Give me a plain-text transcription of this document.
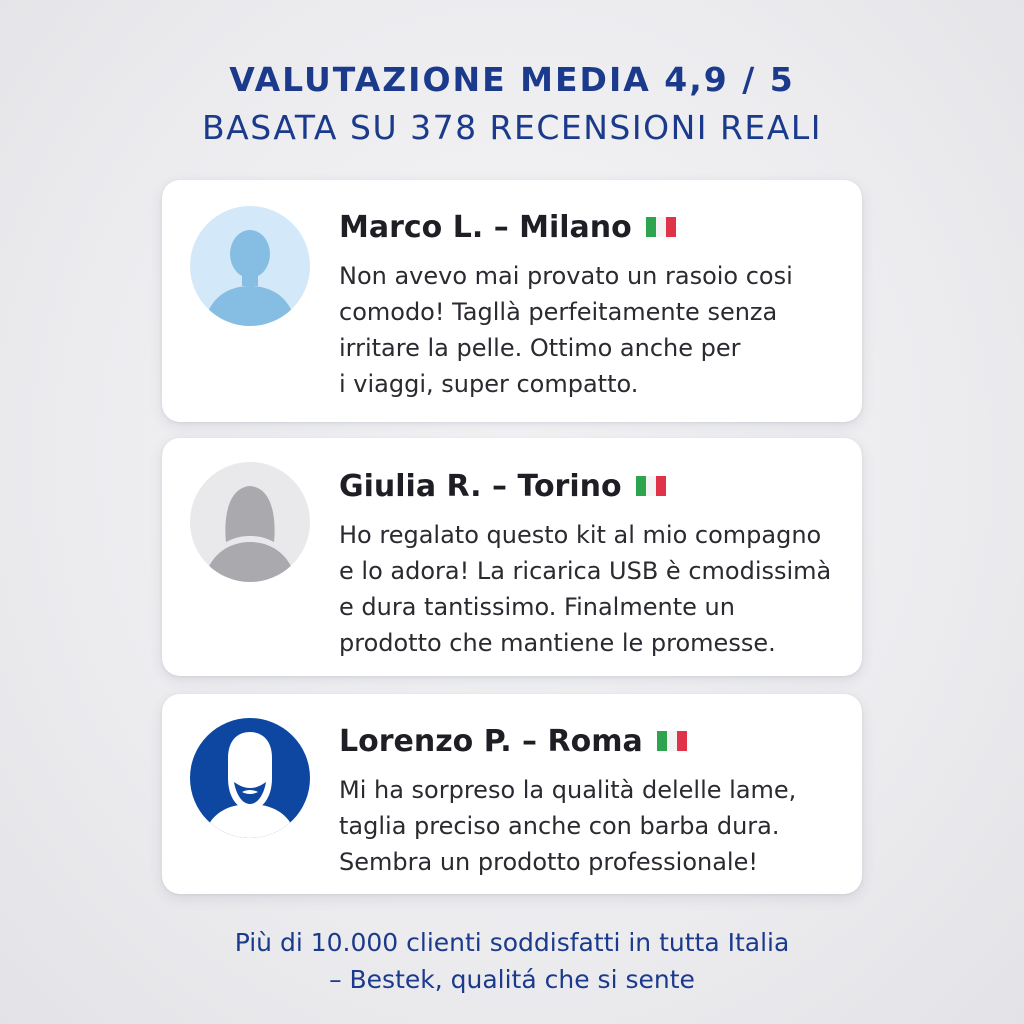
VALUTAZIONE MEDIA 4,9 / 5
BASATA SU 378 RECENSIONI REALI
Marco L. – Milano
Non avevo mai provato un rasoio cosi
comodo! Tagllà perfeitamente senza
irritare la pelle. Ottimo anche per
i viaggi, super compatto.
Giulia R. – Torino
Ho regalato questo kit al mio compagno
e lo adora! La ricarica USB è cmodissimà
e dura tantissimo. Finalmente un
prodotto che mantiene le promesse.
Lorenzo P. – Roma
Mi ha sorpreso la qualità delelle lame,
taglia preciso anche con barba dura.
Sembra un prodotto professionale!
Più di 10.000 clienti soddisfatti in tutta Italia
– Bestek, qualitá che si sente
